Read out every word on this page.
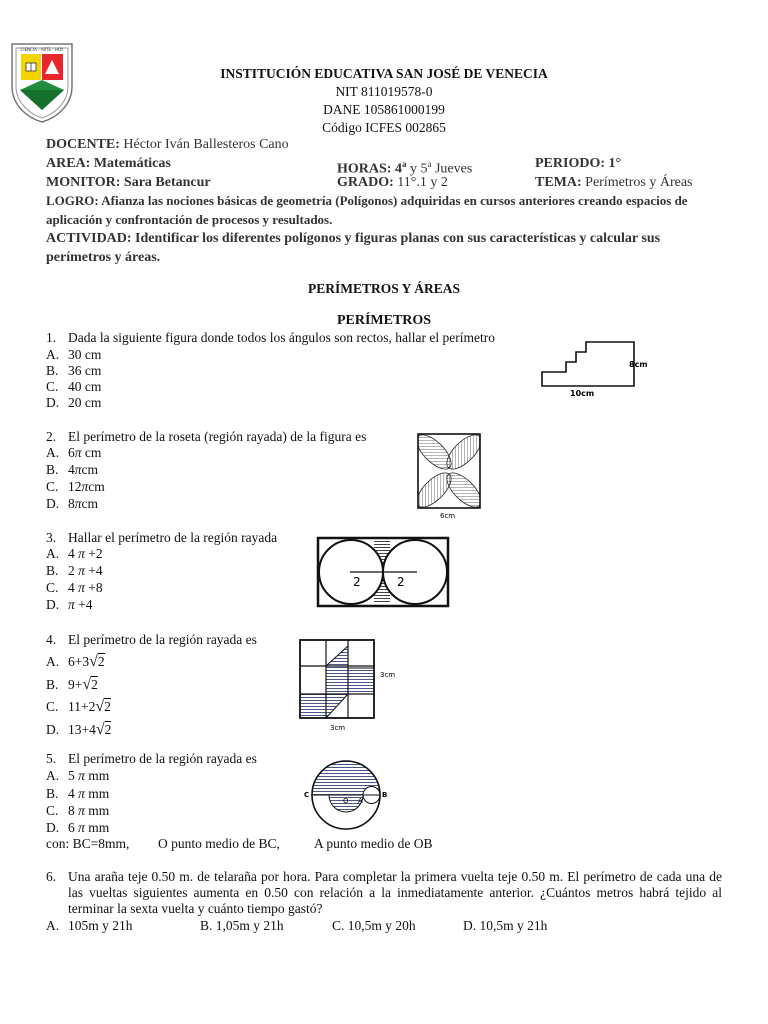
CIENCIA - ARTE - HOY
INSTITUCIÓN EDUCATIVA SAN JOSÉ DE VENECIA
NIT 811019578-0
DANE 105861000199
Código ICFES 002865
DOCENTE: Héctor Iván Ballesteros Cano
AREA: Matemáticas	HORAS: 4$^a$ y 5$^a$ Jueves	PERIODO: 1°
MONITOR: Sara Betancur	GRADO: 11°.1 y 2	TEMA: Perímetros y Áreas
LOGRO: Afianza las nociones básicas de geometría (Polígonos) adquiridas en cursos anteriores creando espacios de aplicación y confrontación de procesos y resultados.
ACTIVIDAD: Identificar los diferentes polígonos y figuras planas con sus características y calcular sus perímetros y áreas.
PERÍMETROS Y ÁREAS
PERÍMETROS
1. Dada la siguiente figura donde todos los ángulos son rectos, hallar el perímetro
A. 30 cm
B. 36 cm
C. 40 cm
D. 20 cm
8cm
10cm
2. El perímetro de la roseta (región rayada) de la figura es
A. 6π cm
B. 4πcm
C. 12πcm
D. 8πcm
6cm
3. Hallar el perímetro de la región rayada
A. 4 π +2
B. 2 π +4
C. 4 π +8
D. π +4
2	2
4. El perímetro de la región rayada es
A. 6+3√2
B. 9+√2
C. 11+2√2
D. 13+4√2
3cm
3cm
5. El perímetro de la región rayada es
A. 5 π mm
B. 4 π mm
C. 8 π mm
D. 6 π mm
con: BC=8mm, O punto medio de BC,	A punto medio de OB
C
O A
B
6. Una araña teje 0.50 m. de telaraña por hora. Para completar la primera vuelta teje 0.50 m. El perímetro de cada una de las vueltas siguientes aumenta en 0.50 con relación a la inmediatamente anterior. ¿Cuántos metros habrá tejido al terminar la sexta vuelta y cuánto tiempo gastó?
A. 105m y 21h	B. 1,05m y 21h	C. 10,5m y 20h	D. 10,5m y 21h
